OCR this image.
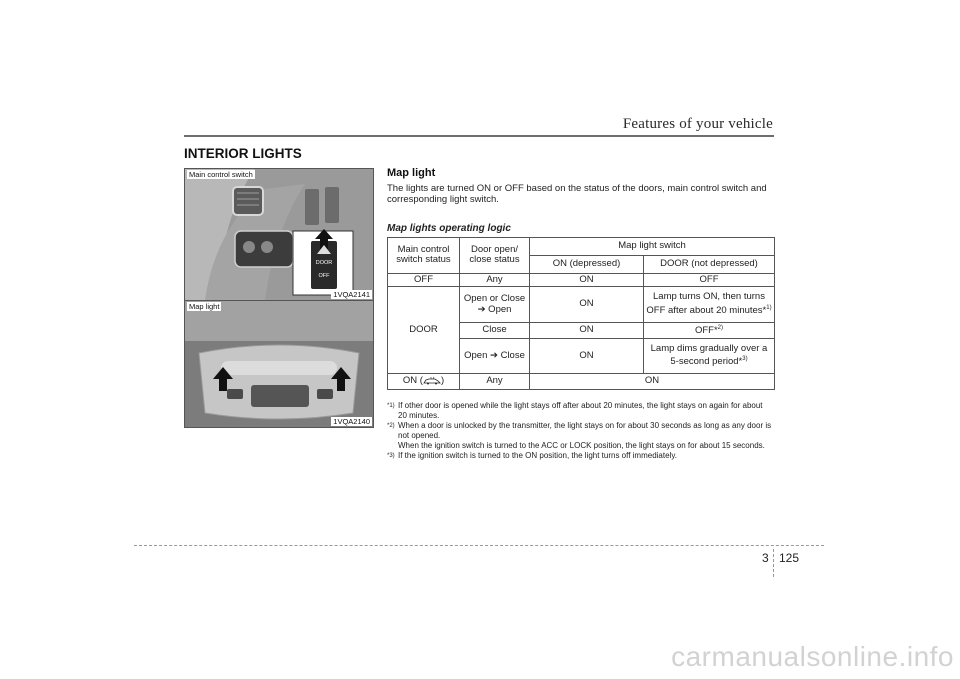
Features of your vehicle
INTERIOR LIGHTS
DOOR
OFF
Main control switch
1VQA2141
Map light
1VQA2140
Map light
The lights are turned ON or OFF based on the status of the doors, main control switch and corresponding light switch.
Map lights operating logic
Main control switch status	Door open/ close status	Map light switch	
		ON (depressed)	DOOR (not depressed)
OFF	Any	ON	OFF
DOOR	Open or Close ➔ Open	ON	Lamp turns ON, then turns OFF after about 20 minutes*$^{1)}$
	Close	ON	OFF*$^{2)}$
	Open ➔ Close	ON	Lamp dims gradually over a 5-second period*$^{3)}$
ON ( )	Any	ON	
*1) If other door is opened while the light stays off after about 20 minutes, the light stays on again for about 20 minutes.
*2) When a door is unlocked by the transmitter, the light stays on for about 30 seconds as long as any door is not opened.
When the ignition switch is turned to the ACC or LOCK position, the light stays on for about 15 seconds.
*3) If the ignition switch is turned to the ON position, the light turns off immediately.
3 125
carmanualsonline.info
